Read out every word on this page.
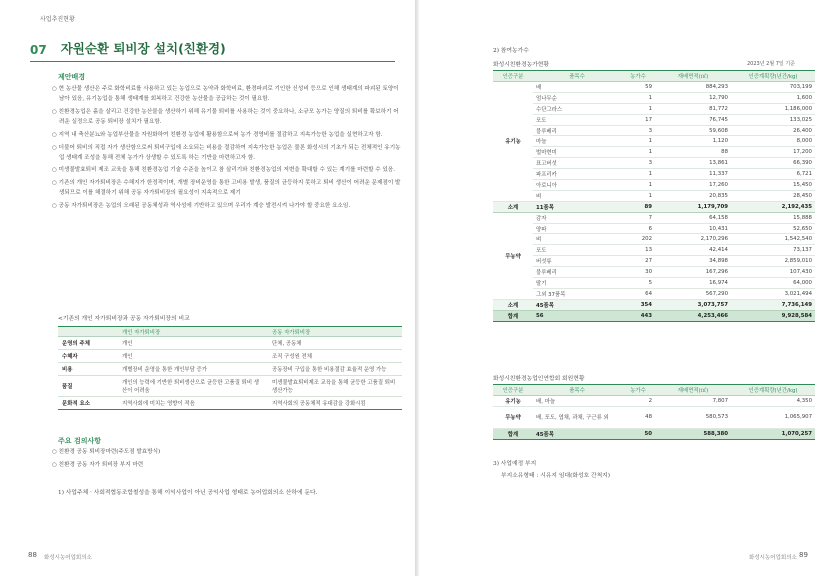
사업추진현황
07 자원순환 퇴비장 설치(친환경)
제안배경

○ 현 농산물 생산은 주로 화학비료를 사용하고 있는 농업으로 농약과 화학비료, 환경파괴로 기인한 신성비 등으로 인해 생태계의 파괴된 토양이 남아 있음, 유기농업을 통해 생태계를 회복하고 건강한 농산물을 공급하는 것이 필요함.

○ 친환경농업은 흙을 살리고 건강한 농산물을 생산하기 위해 유기물 퇴비를 사용하는 것이 중요하나, 소규모 농가는 양질의 퇴비를 확보하기 어려운 실정으로 공동 퇴비장 설치가 필요함.

○ 지역 내 축산분뇨와 농업부산물을 자원화하여 친환경 농업에 활용함으로써 농가 경영비를 절감하고 지속가능한 농업을 실현하고자 함.

○ 더불어 퇴비의 직접 자가 생산함으로써 퇴비구입에 소요되는 비용을 절감하여 지속가능한 농업은 물론 화성시의 기초가 되는 전체적인 유기농업 생태계 조성을 통해 전체 농가가 상생할 수 있도록 하는 기반을 마련하고자 함.

○ 미생물발효퇴비 제조 교육을 통해 친환경농업 기술 수준을 높이고 참 살리기와 친환경농업의 저변을 확대할 수 있는 계기를 마련할 수 있음.

○ 기존의 개인 자가퇴비장은 수해지가 한정적이며, 개별 장비운영을 통한 고비용 발생, 품질의 균등하지 못하고 퇴비 생산이 어려운 문제점이 발생되므로 이를 해결하기 위해 공동 자가퇴비장의 필요성이 지속적으로 제기

○ 공동 자가퇴비장은 농업의 오래된 공동체성과 역사성에 기반하고 있으며 우리가 계승 발전시켜 나가야 할 중요한 요소임.

<기존의 개인 자가퇴비장과 공동 자가퇴비장의 비교
	개인 자가퇴비장	공동 자가퇴비장
운영의 주체	개인	단체, 공동체
수혜자	개인	조직 구성원 전체
비용	개별장비 운영을 통한 개인부담 증가	공동장비 구입을 통한 비용절감 효율적 운영 가능
품질	개인의 능력에 기반한 퇴비생산으로 균등한 고품질 퇴비 생산이 어려움	미생물발효퇴비제조 교육을 통해 균등한 고품질 퇴비 생산가능
문화적 요소	지역사회에 미치는 영향이 적음	지역사회의 공동체적 유대감을 강화시킴
주요 검의사항

○ 친환경 공동 퇴비장마련(주도점 발효방식)

○ 친환경 공동 자가 퇴비장 부지 마련

1) 사업주체 · 사회적협동조합철성을 통해 이익사업이 아닌 공익사업 형태로 농어업회의소 산하에 둔다.
88 화성시농어업회의소
2) 참여농가수
화성시친환경농가현황	2023년 2월 7일 기준
인증구분	품목수	농가수	재배면적(㎡)	인증계획량(년간/kg)
유기농	배	59	884,293	703,199
	엄나무순	1	12,790	1,600
	수단그라스	1	81,772	1,186,000
	포도	17	76,745	133,025
	블루베리	3	59,608	26,400
	마늘	1	1,120	8,000
	벌마현미	1	88	17,200
	표고버섯	3	13,861	66,390
	파프리카	1	11,337	6,721
	아로니아	1	17,260	15,450
	벼	1	20,835	28,450
소계	11품목	89	1,179,709	2,192,435
무농약	감자	7	64,158	15,888
	양파	6	10,431	52,650
	벼	202	2,170,296	1,542,540
	포도	13	42,414	73,137
	버섯류	27	34,898	2,859,010
	블루베리	30	167,296	107,430
	딸기	5	16,974	64,000
	그외 37품목	64	567,290	3,021,494
소계	45품목	354	3,073,757	7,736,149
합계	56	443	4,253,466	9,928,584
화성시친환경농업인연합회 회원현황
인증구분	품목수	농가수	재배면적(㎡)	인증계획량(년간/kg)
유기농	배, 마늘	2	7,807	4,350
무농약	배, 포도, 엽채, 과채, 구근류 외	48	580,573	1,065,907
합계	45품목	50	588,380	1,070,257
3) 사업예정 부지
부지소유형태 : 시유지 임대(화성호 간척지)
화성시농어업회의소 89
